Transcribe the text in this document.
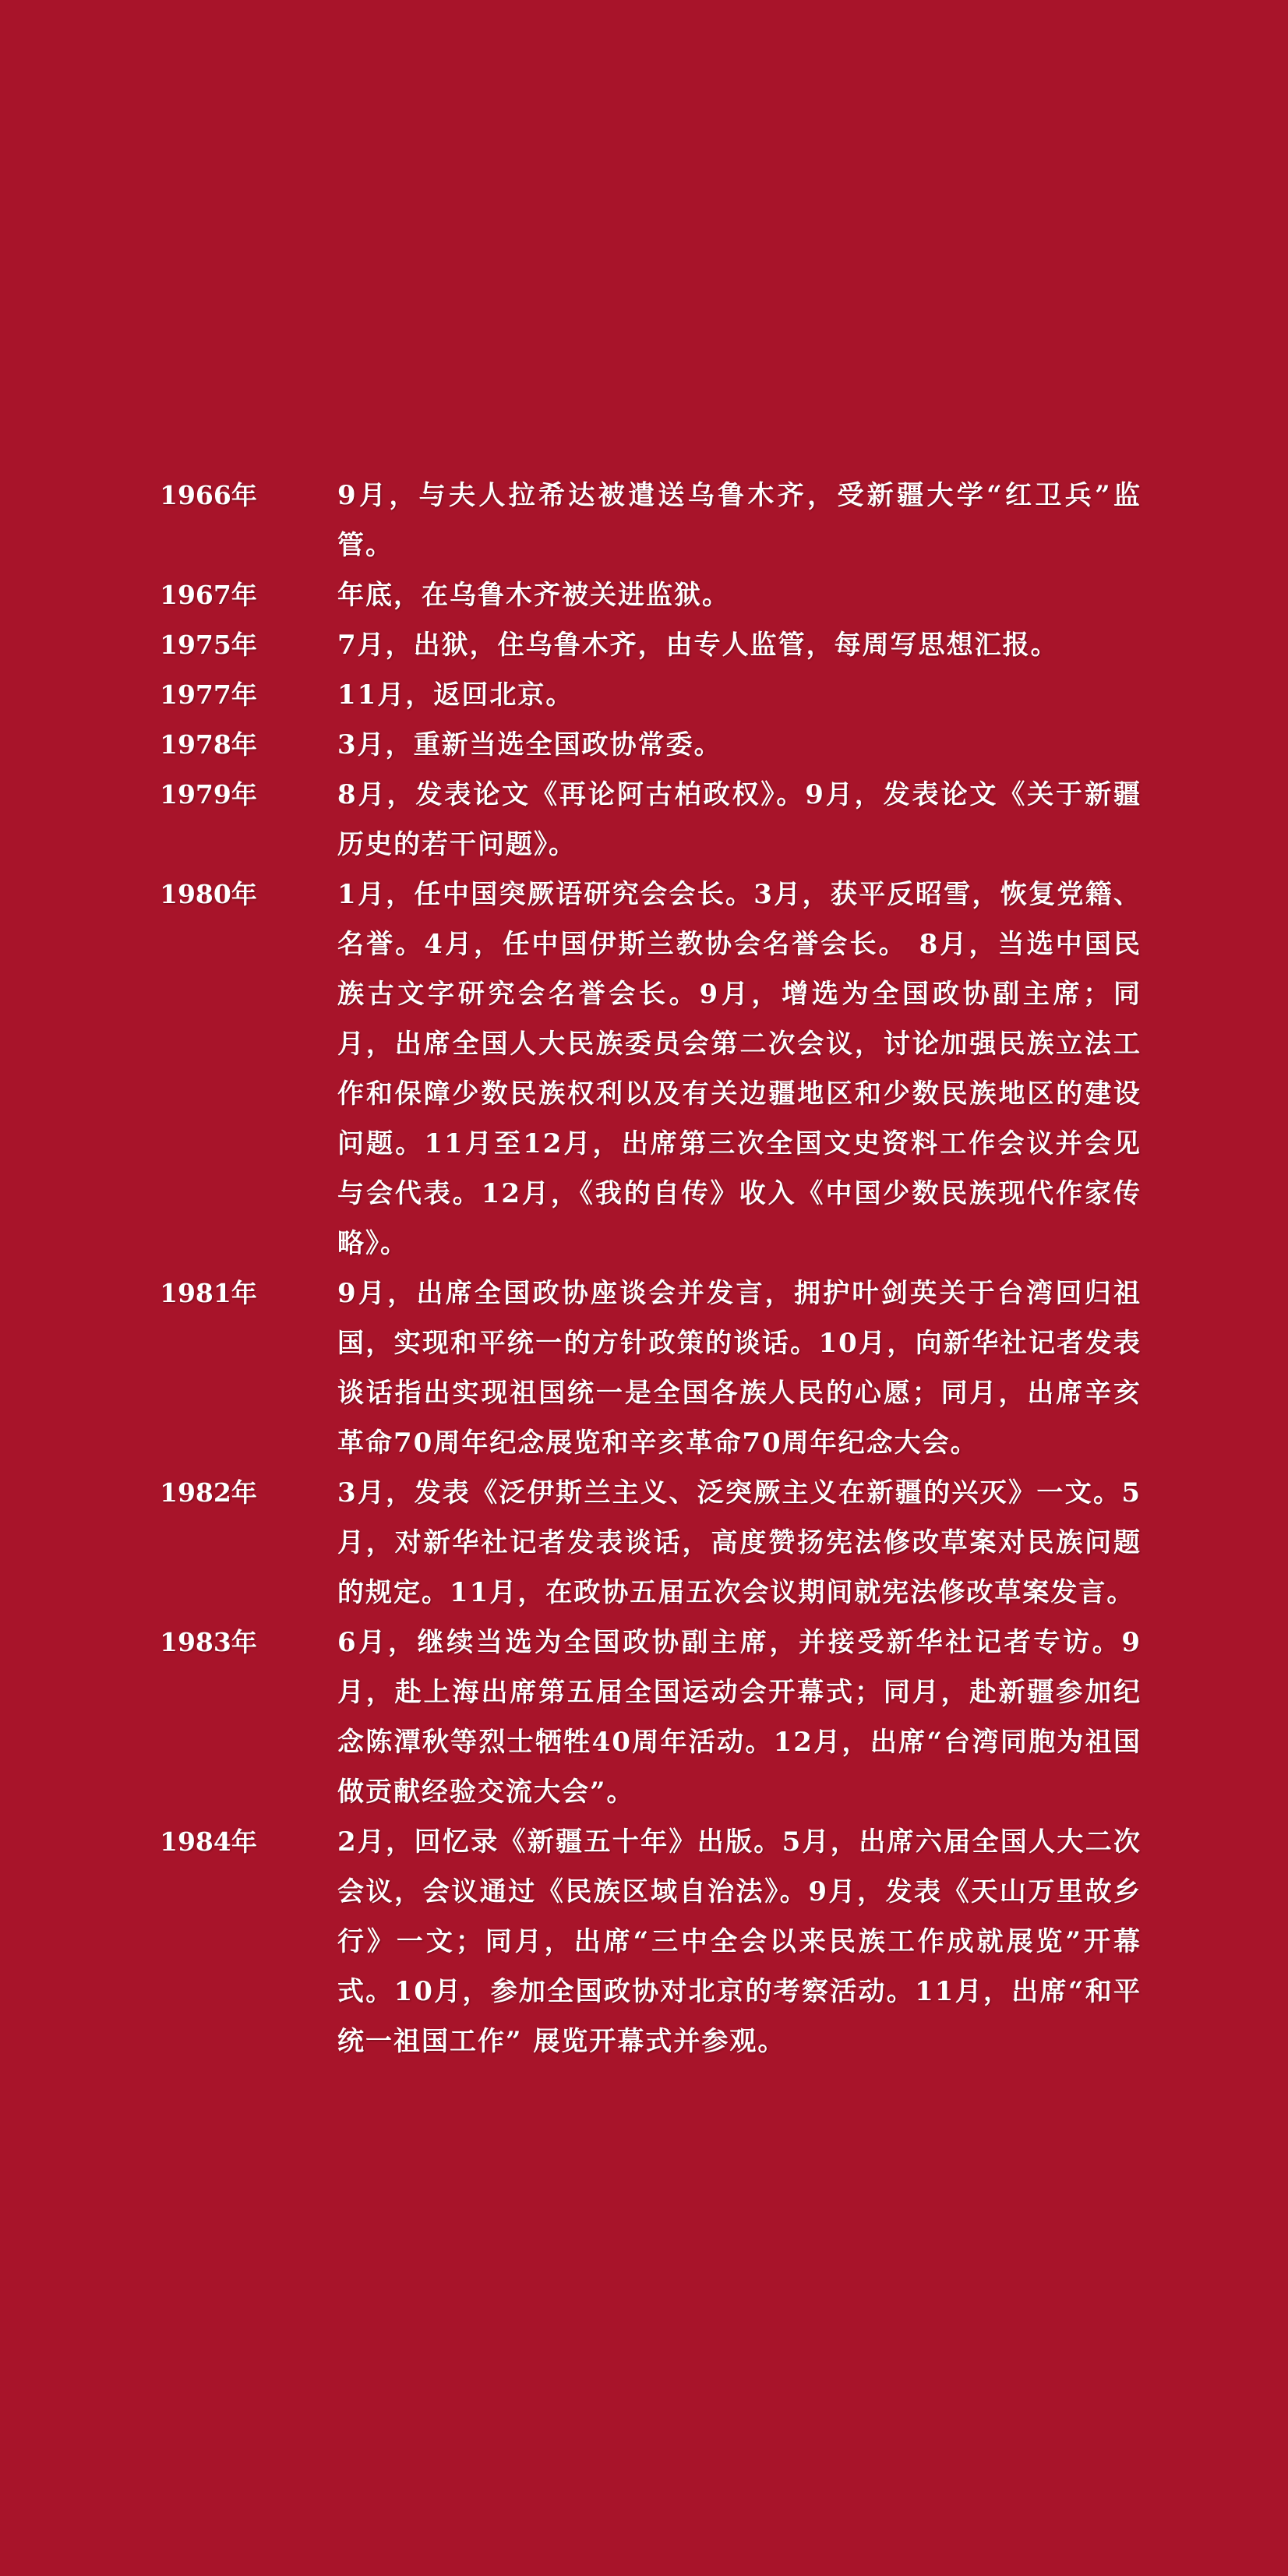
1966年	9月，与夫人拉希达被遣送乌鲁木齐，受新疆大学“红卫兵”监管。
1967年	年底，在乌鲁木齐被关进监狱。
1975年	7月，出狱，住乌鲁木齐，由专人监管，每周写思想汇报。
1977年	11月，返回北京。
1978年	3月，重新当选全国政协常委。
1979年	8月，发表论文《再论阿古柏政权》。9月，发表论文《关于新疆历史的若干问题》。
1980年	1月，任中国突厥语研究会会长。3月，获平反昭雪，恢复党籍、名誉。4月，任中国伊斯兰教协会名誉会长。 8月，当选中国民族古文字研究会名誉会长。9月，增选为全国政协副主席；同月，出席全国人大民族委员会第二次会议，讨论加强民族立法工作和保障少数民族权利以及有关边疆地区和少数民族地区的建设问题。11月至12月，出席第三次全国文史资料工作会议并会见与会代表。12月，《我的自传》收入《中国少数民族现代作家传略》。
1981年	9月，出席全国政协座谈会并发言，拥护叶剑英关于台湾回归祖国，实现和平统一的方针政策的谈话。10月，向新华社记者发表谈话指出实现祖国统一是全国各族人民的心愿；同月，出席辛亥革命70周年纪念展览和辛亥革命70周年纪念大会。
1982年	3月，发表《泛伊斯兰主义、泛突厥主义在新疆的兴灭》一文。5月，对新华社记者发表谈话，高度赞扬宪法修改草案对民族问题的规定。11月，在政协五届五次会议期间就宪法修改草案发言。
1983年	6月，继续当选为全国政协副主席，并接受新华社记者专访。9月，赴上海出席第五届全国运动会开幕式；同月，赴新疆参加纪念陈潭秋等烈士牺牲40周年活动。12月，出席“台湾同胞为祖国做贡献经验交流大会”。
1984年	2月，回忆录《新疆五十年》出版。5月，出席六届全国人大二次会议，会议通过《民族区域自治法》。9月，发表《天山万里故乡行》一文；同月，出席“三中全会以来民族工作成就展览”开幕式。10月，参加全国政协对北京的考察活动。11月，出席“和平统一祖国工作” 展览开幕式并参观。
